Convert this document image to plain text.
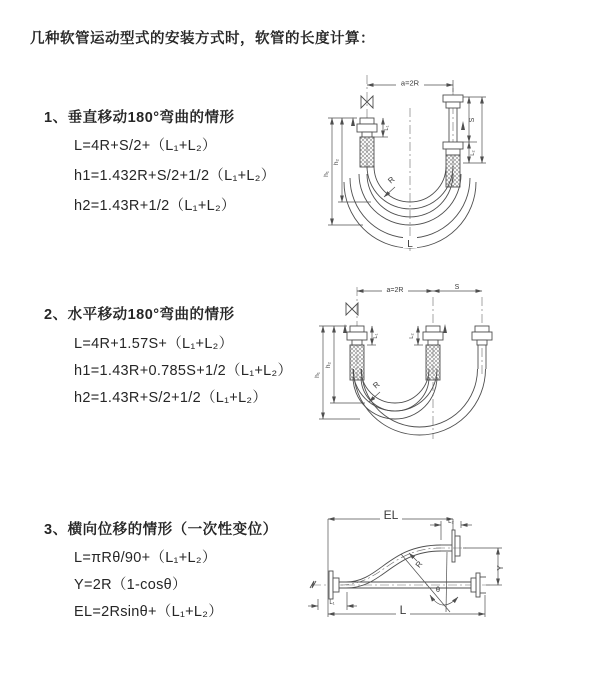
几种软管运动型式的安装方式时，软管的长度计算：
1、垂直移动180°弯曲的情形
L=4R+S/2+（L₁+L₂）
h1=1.432R+S/2+1/2（L₁+L₂）
h2=1.43R+1/2（L₁+L₂）
a=2R
h₁
h₂
L₁
S
L₂
R
L
2、水平移动180°弯曲的情形
L=4R+1.57S+（L₁+L₂）
h1=1.43R+0.785S+1/2（L₁+L₂）
h2=1.43R+S/2+1/2（L₁+L₂）
a=2R	S
h₁
h₂
L₁	L₂
R
3、横向位移的情形（一次性变位）
L=πRθ/90+（L₁+L₂）
Y=2R（1-cosθ）
EL=2Rsinθ+（L₁+L₂）
EL	L₂
Y
R
θ
L₁	L
